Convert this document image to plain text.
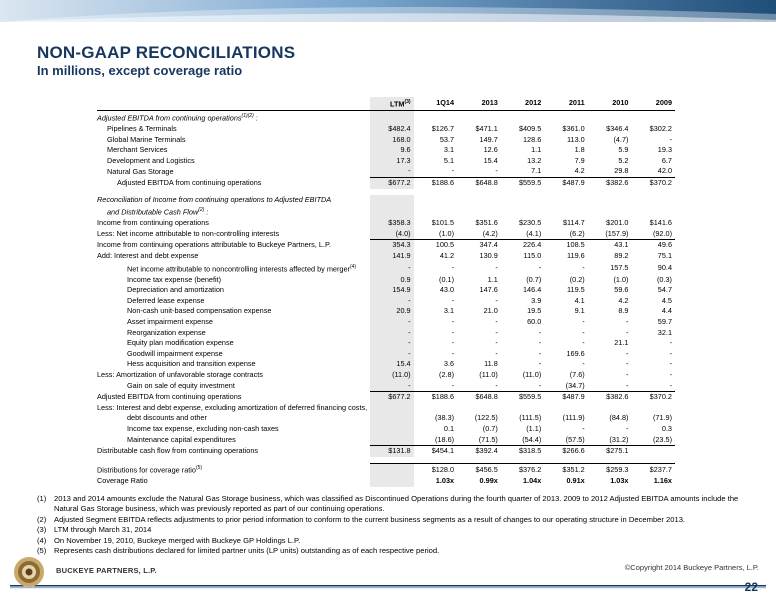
NON-GAAP RECONCILIATIONS
In millions, except coverage ratio
	LTM$^{(3)}$	1Q14	2013	2012	2011	2010	2009
Adjusted EBITDA from continuing operations$^{(1)(2)}$ :							
Pipelines & Terminals	$482.4	$126.7	$471.1	$409.5	$361.0	$346.4	$302.2
Global Marine Terminals	168.0	53.7	149.7	128.6	113.0	(4.7)	-
Merchant Services	9.6	3.1	12.6	1.1	1.8	5.9	19.3
Development and Logistics	17.3	5.1	15.4	13.2	7.9	5.2	6.7
Natural Gas Storage	-	-	-	7.1	4.2	29.8	42.0
Adjusted EBITDA from continuing operations	$677.2	$188.6	$648.8	$559.5	$487.9	$382.6	$370.2

Reconciliation of Income from continuing operations to Adjusted EBITDA							
and Distributable Cash Flow$^{(2)}$ :							
Income from continuing operations	$358.3	$101.5	$351.6	$230.5	$114.7	$201.0	$141.6
Less: Net income attributable to non-controlling interests	(4.0)	(1.0)	(4.2)	(4.1)	(6.2)	(157.9)	(92.0)
Income from continuing operations attributable to Buckeye Partners, L.P.	354.3	100.5	347.4	226.4	108.5	43.1	49.6
Add: Interest and debt expense	141.9	41.2	130.9	115.0	119.6	89.2	75.1
Net income attributable to noncontrolling interests affected by merger$^{(4)}$	-	-	-	-	-	157.5	90.4
Income tax expense (benefit)	0.9	(0.1)	1.1	(0.7)	(0.2)	(1.0)	(0.3)
Depreciation and amortization	154.9	43.0	147.6	146.4	119.5	59.6	54.7
Deferred lease expense	-	-	-	3.9	4.1	4.2	4.5
Non-cash unit-based compensation expense	20.9	3.1	21.0	19.5	9.1	8.9	4.4
Asset impairment expense	-	-	-	60.0	-	-	59.7
Reorganization expense	-	-	-	-	-	-	32.1
Equity plan modification expense	-	-	-	-	-	21.1	-
Goodwill impairment expense	-	-	-	-	169.6	-	-
Hess acquisition and transition expense	15.4	3.6	11.8	-	-	-	-
Less: Amortization of unfavorable storage contracts	(11.0)	(2.8)	(11.0)	(11.0)	(7.6)	-	-
Gain on sale of equity investment	-	-	-	-	(34.7)	-	-
Adjusted EBITDA from continuing operations	$677.2	$188.6	$648.8	$559.5	$487.9	$382.6	$370.2
Less: Interest and debt expense, excluding amortization of deferred financing costs,							
debt discounts and other		(38.3)	(122.5)	(111.5)	(111.9)	(84.8)	(71.9)
Income tax expense, excluding non-cash taxes		0.1	(0.7)	(1.1)	-	-	0.3
Maintenance capital expenditures		(18.6)	(71.5)	(54.4)	(57.5)	(31.2)	(23.5)
Distributable cash flow from continuing operations	$131.8	$454.1	$392.4	$318.5	$266.6	$275.1	

Distributions for coverage ratio$^{(5)}$		$128.0	$456.5	$376.2	$351.2	$259.3	$237.7
Coverage Ratio		1.03x	0.99x	1.04x	0.91x	1.03x	1.16x
(1)	2013 and 2014 amounts exclude the Natural Gas Storage business, which was classified as Discontinued Operations during the fourth quarter of 2013. 2009 to 2012 Adjusted EBITDA amounts include the Natural Gas Storage business, which was previously reported as part of our continuing operations.
(2)	Adjusted Segment EBITDA reflects adjustments to prior period information to conform to the current business segments as a result of changes to our operating structure in December 2013.
(3)	LTM through March 31, 2014
(4)	On November 19, 2010, Buckeye merged with Buckeye GP Holdings L.P.
(5)	Represents cash distributions declared for limited partner units (LP units) outstanding as of each respective period.
BUCKEYE PARTNERS, L.P.	©Copyright 2014 Buckeye Partners, L.P.
22
